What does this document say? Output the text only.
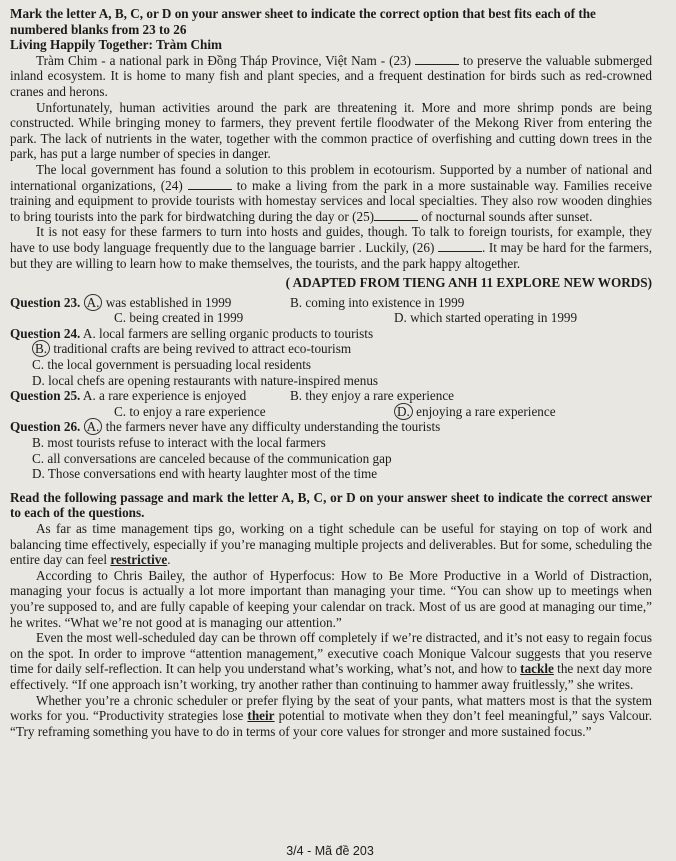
Mark the letter A, B, C, or D on your answer sheet to indicate the correct option that best fits each of the numbered blanks from 23 to 26

Living Happily Together: Tràm Chim

Tràm Chim - a national park in Đồng Tháp Province, Việt Nam - (23)	to preserve the valuable submerged inland ecosystem. It is home to many fish and plant species, and a frequent destination for birds such as red-crowned cranes and herons.

Unfortunately, human activities around the park are threatening it. More and more shrimp ponds are being constructed. While bringing money to farmers, they prevent fertile floodwater of the Mekong River from entering the park. The lack of nutrients in the water, together with the common practice of overfishing and cutting down trees in the park, has put a large number of species in danger.

The local government has found a solution to this problem in ecotourism. Supported by a number of national and international organizations, (24)	to make a living from the park in a more sustainable way. Families receive training and equipment to provide tourists with homestay services and local specialties. They also row wooden dinghies to bring tourists into the park for birdwatching during the day or (25)	of nocturnal sounds after sunset.

It is not easy for these farmers to turn into hosts and guides, though. To talk to foreign tourists, for example, they have to use body language frequently due to the language barrier . Luckily, (26)	. It may be hard for the farmers, but they are willing to learn how to make themselves, the tourists, and the park happy altogether.

( ADAPTED FROM TIENG ANH 11 EXPLORE NEW WORDS)

Question 23. A. was established in 1999	B. coming into existence in 1999
C. being created in 1999	D. which started operating in 1999

Question 24. A. local farmers are selling organic products to tourists

B. traditional crafts are being revived to attract eco-tourism

C. the local government is persuading local residents

D. local chefs are opening restaurants with nature-inspired menus

Question 25. A. a rare experience is enjoyed	B. they enjoy a rare experience
C. to enjoy a rare experience	D. enjoying a rare experience

Question 26. A. the farmers never have any difficulty understanding the tourists

B. most tourists refuse to interact with the local farmers

C. all conversations are canceled because of the communication gap

D. Those conversations end with hearty laughter most of the time

Read the following passage and mark the letter A, B, C, or D on your answer sheet to indicate the correct answer to each of the questions.

As far as time management tips go, working on a tight schedule can be useful for staying on top of work and balancing time effectively, especially if you’re managing multiple projects and deliverables. But for some, scheduling the entire day can feel restrictive.

According to Chris Bailey, the author of Hyperfocus: How to Be More Productive in a World of Distraction, managing your focus is actually a lot more important than managing your time. “You can show up to meetings when you’re supposed to, and are fully capable of keeping your calendar on track. Most of us are good at managing our time,” he writes. “What we’re not good at is managing our attention.”

Even the most well-scheduled day can be thrown off completely if we’re distracted, and it’s not easy to regain focus on the spot. In order to improve “attention management,” executive coach Monique Valcour suggests that you reserve time for daily self-reflection. It can help you understand what’s working, what’s not, and how to tackle the next day more effectively. “If one approach isn’t working, try another rather than continuing to hammer away fruitlessly,” she writes.

Whether you’re a chronic scheduler or prefer flying by the seat of your pants, what matters most is that the system works for you. “Productivity strategies lose their potential to motivate when they don’t feel meaningful,” says Valcour. “Try reframing something you have to do in terms of your core values for stronger and more sustained focus.”

3/4 - Mã đề 203
